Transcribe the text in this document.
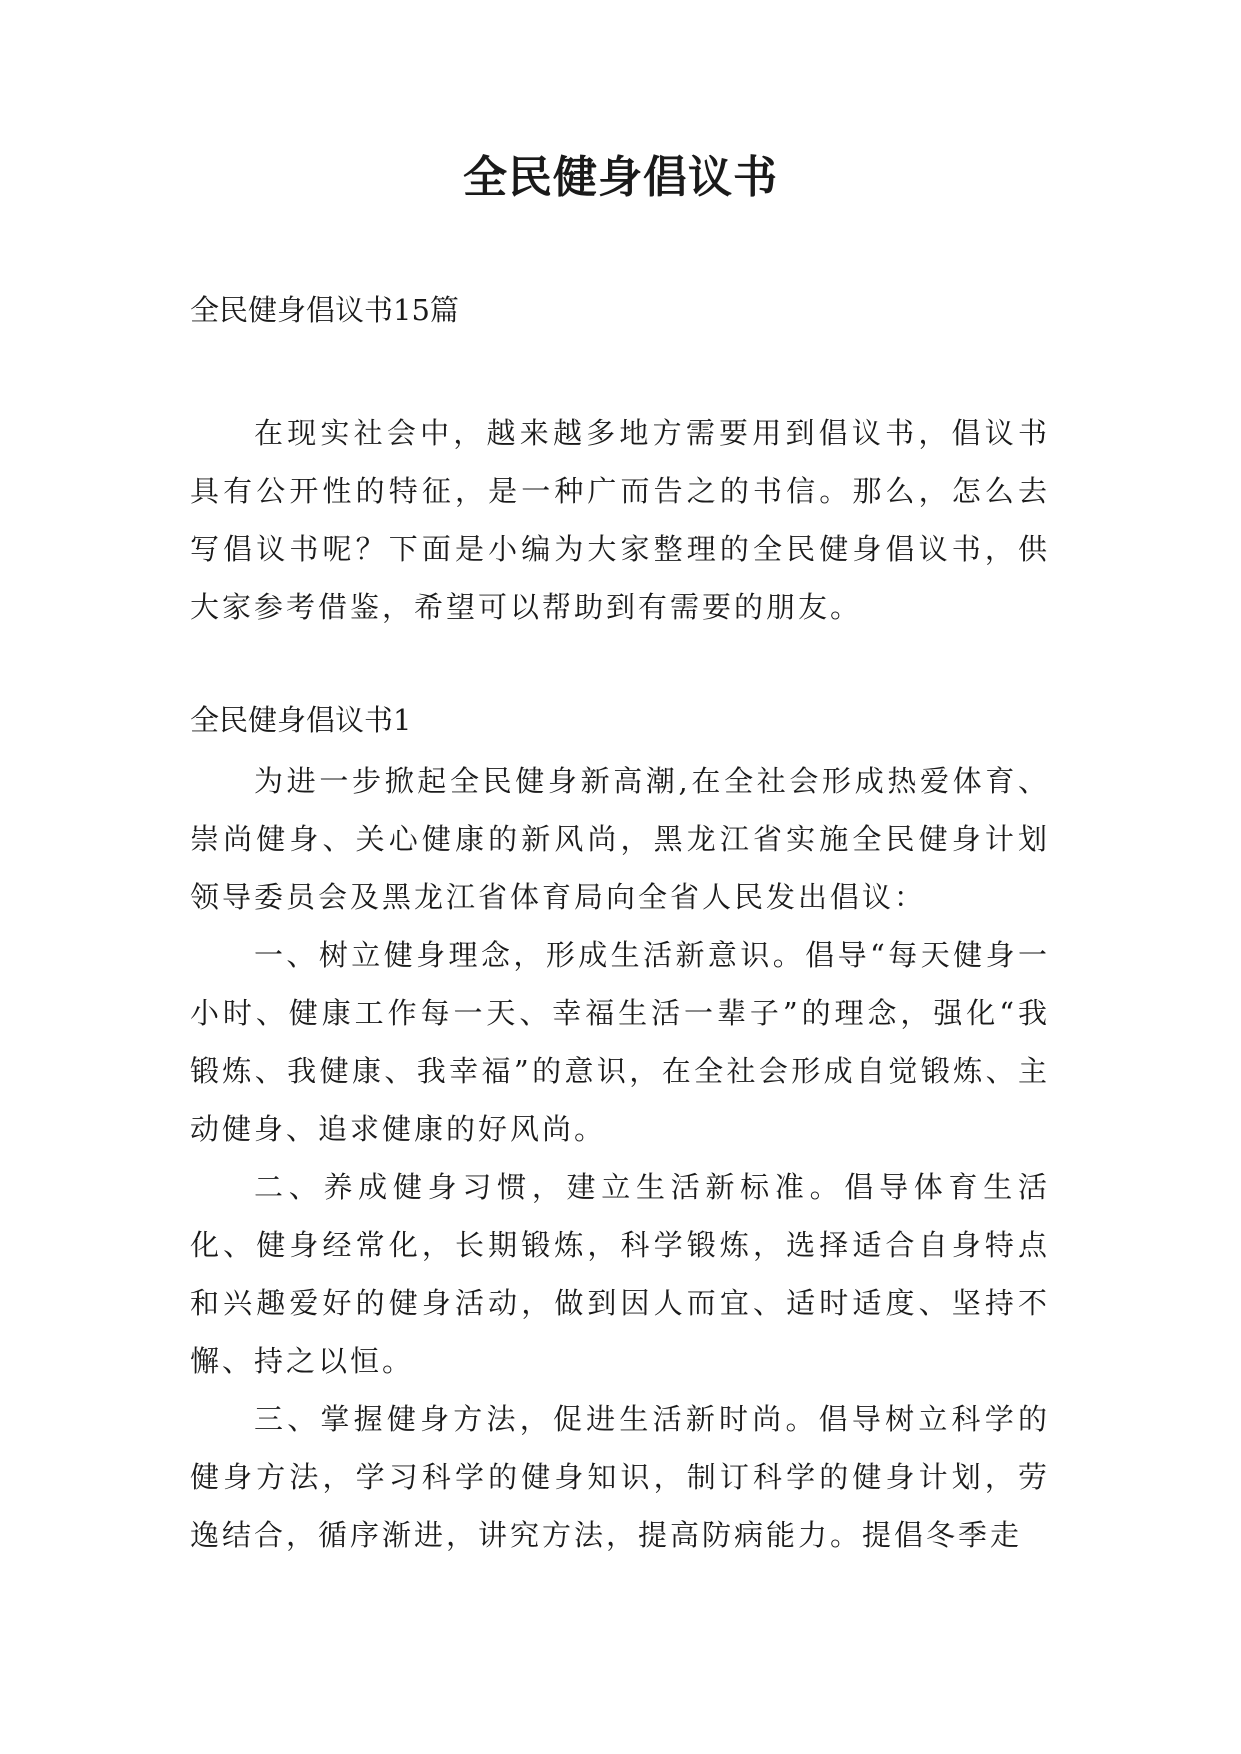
全民健身倡议书

全民健身倡议书15篇

在现实社会中，越来越多地方需要用到倡议书，倡议书具有公开性的特征，是一种广而告之的书信。那么，怎么去写倡议书呢？下面是小编为大家整理的全民健身倡议书，供大家参考借鉴，希望可以帮助到有需要的朋友。

全民健身倡议书1

为进一步掀起全民健身新高潮,在全社会形成热爱体育、崇尚健身、关心健康的新风尚，黑龙江省实施全民健身计划领导委员会及黑龙江省体育局向全省人民发出倡议：

一、树立健身理念，形成生活新意识。倡导“每天健身一小时、健康工作每一天、幸福生活一辈子”的理念，强化“我锻炼、我健康、我幸福”的意识，在全社会形成自觉锻炼、主动健身、追求健康的好风尚。

二、养成健身习惯，建立生活新标准。倡导体育生活化、健身经常化，长期锻炼，科学锻炼，选择适合自身特点和兴趣爱好的健身活动，做到因人而宜、适时适度、坚持不懈、持之以恒。

三、掌握健身方法，促进生活新时尚。倡导树立科学的健身方法，学习科学的健身知识，制订科学的健身计划，劳逸结合，循序渐进，讲究方法，提高防病能力。提倡冬季走
